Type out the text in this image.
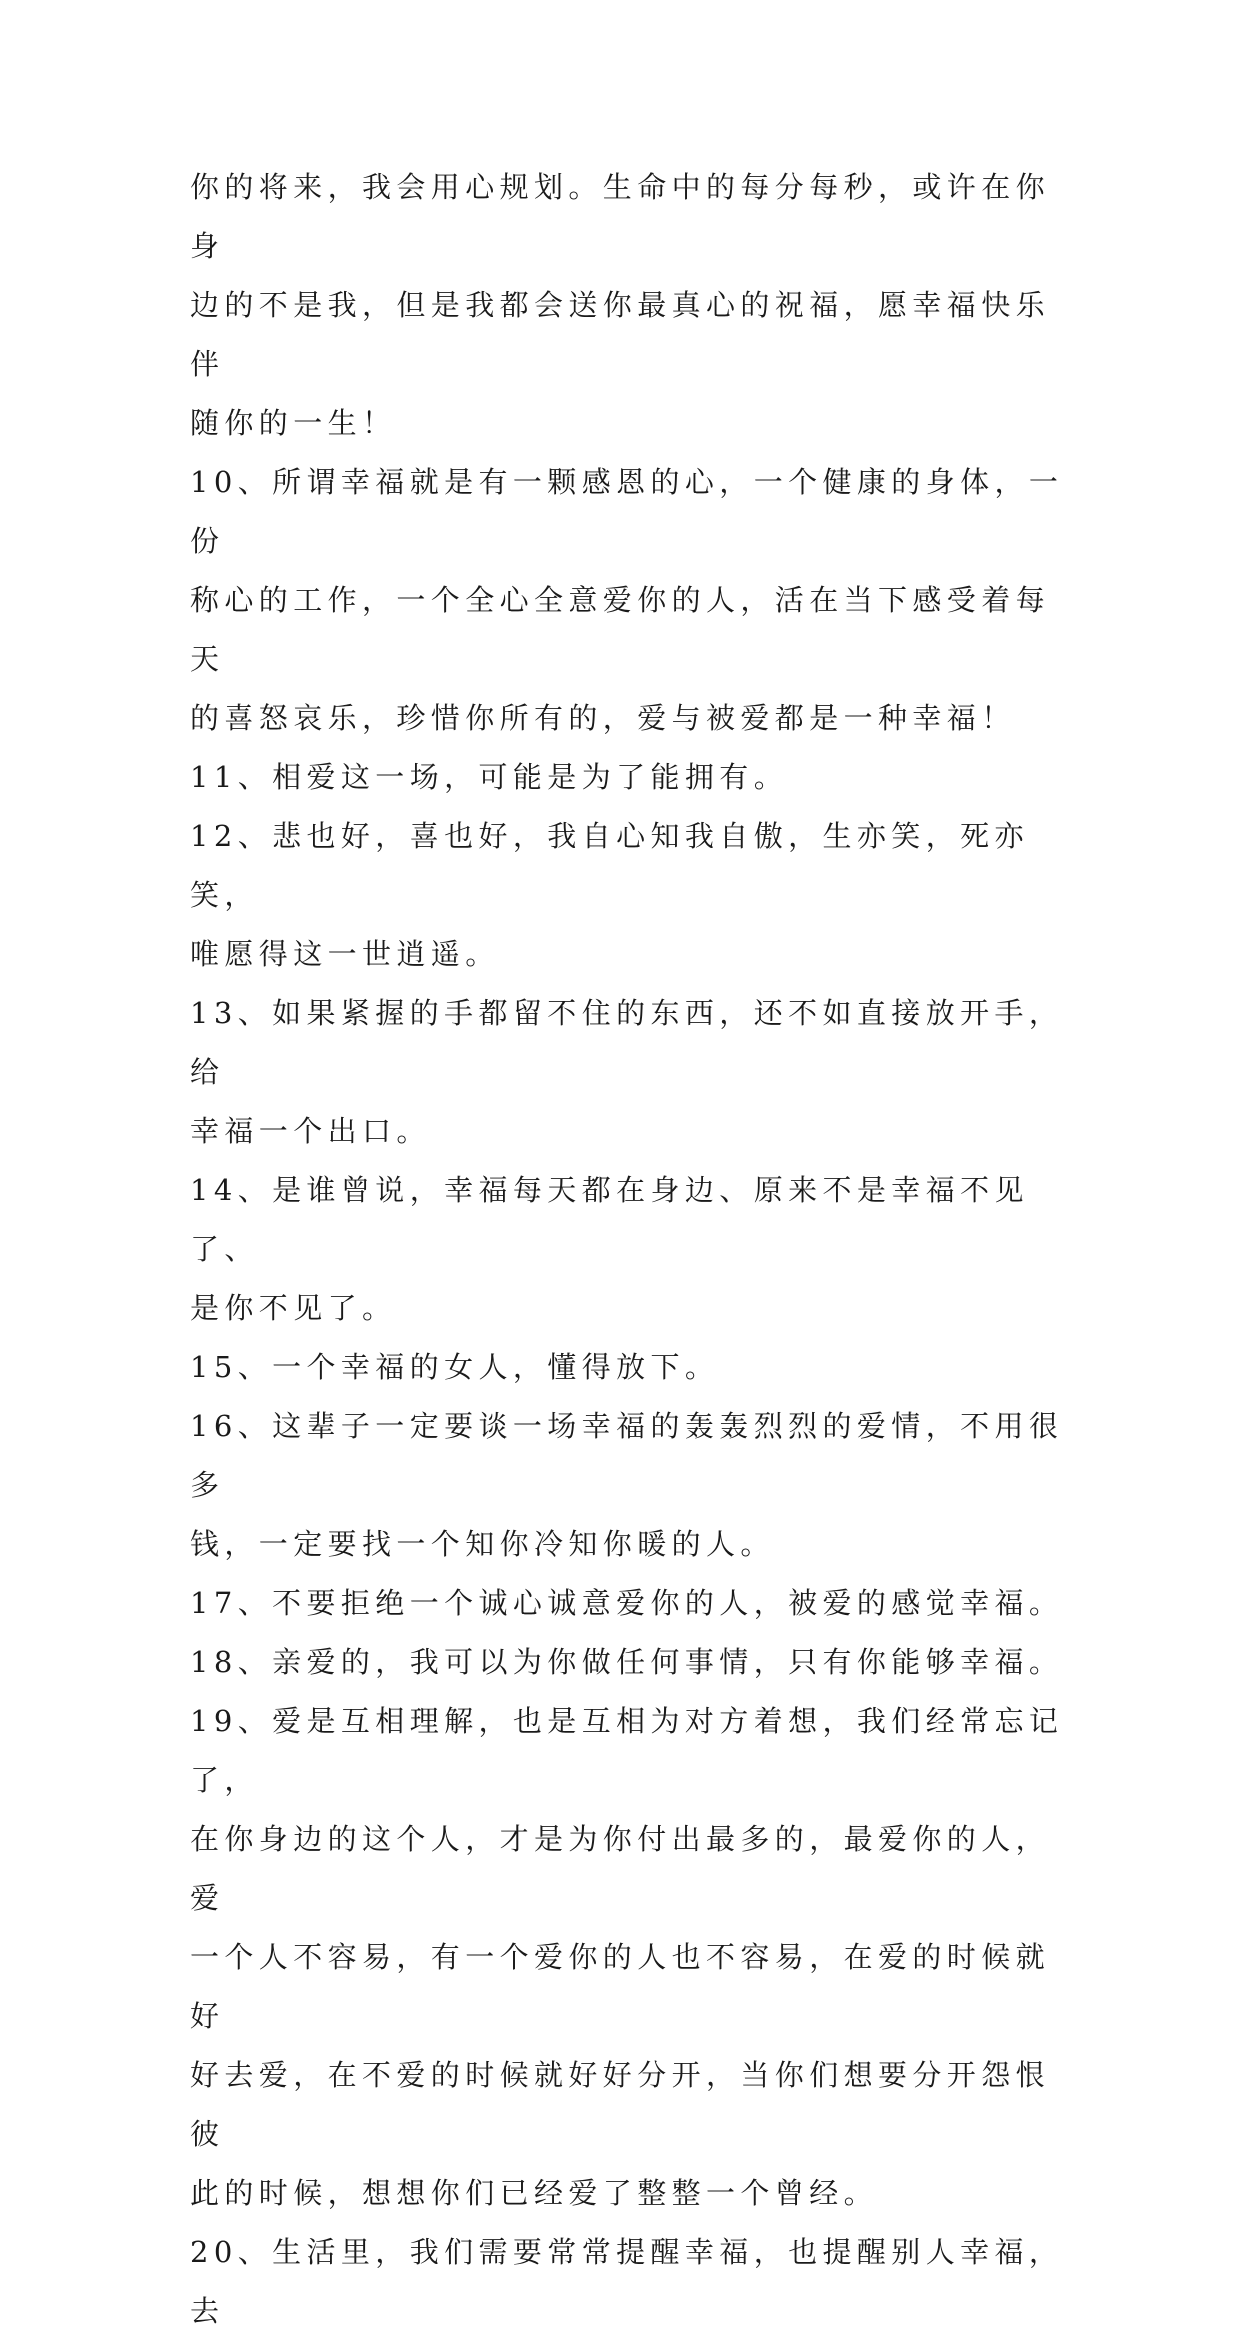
你的将来，我会用心规划。生命中的每分每秒，或许在你身
边的不是我，但是我都会送你最真心的祝福，愿幸福快乐伴
随你的一生！
10、所谓幸福就是有一颗感恩的心，一个健康的身体，一份
称心的工作，一个全心全意爱你的人，活在当下感受着每天
的喜怒哀乐，珍惜你所有的，爱与被爱都是一种幸福！
11、相爱这一场，可能是为了能拥有。
12、悲也好，喜也好，我自心知我自傲，生亦笑，死亦笑，
唯愿得这一世逍遥。
13、如果紧握的手都留不住的东西，还不如直接放开手，给
幸福一个出口。
14、是谁曾说，幸福每天都在身边、原来不是幸福不见了、
是你不见了。
15、一个幸福的女人，懂得放下。
16、这辈子一定要谈一场幸福的轰轰烈烈的爱情，不用很多
钱，一定要找一个知你冷知你暖的人。
17、不要拒绝一个诚心诚意爱你的人，被爱的感觉幸福。
18、亲爱的，我可以为你做任何事情，只有你能够幸福。
19、爱是互相理解，也是互相为对方着想，我们经常忘记了，
在你身边的这个人，才是为你付出最多的，最爱你的人，爱
一个人不容易，有一个爱你的人也不容易，在爱的时候就好
好去爱，在不爱的时候就好好分开，当你们想要分开怨恨彼
此的时候，想想你们已经爱了整整一个曾经。
20、生活里，我们需要常常提醒幸福，也提醒别人幸福，去
